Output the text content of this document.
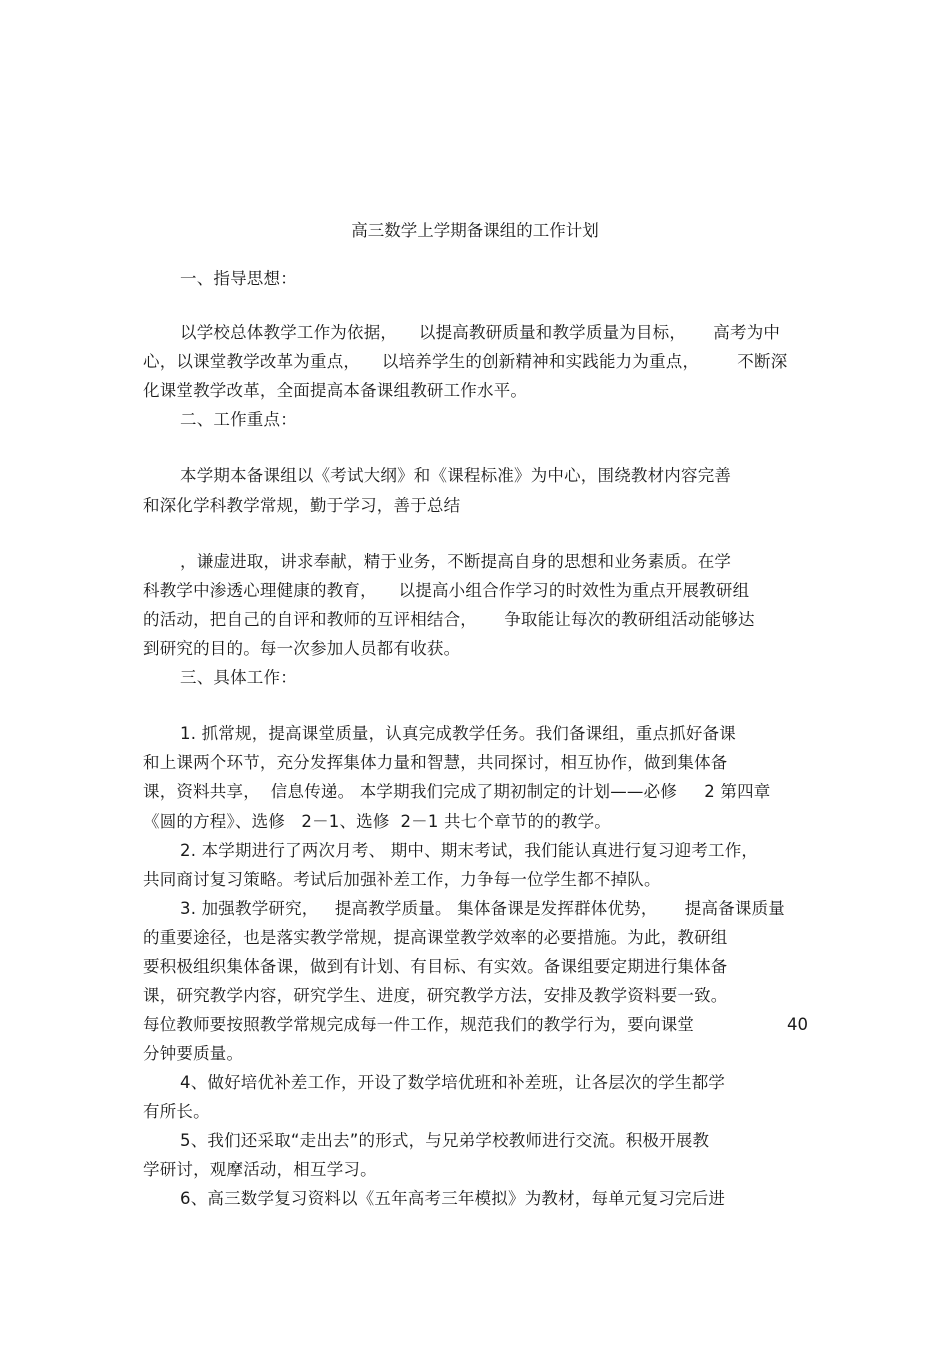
高三数学上学期备课组的工作计划
一、指导思想：
以学校总体教学工作为依据，    以提高教研质量和教学质量为目标，     高考为中
心，以课堂教学改革为重点，    以培养学生的创新精神和实践能力为重点，       不断深
化课堂教学改革，全面提高本备课组教研工作水平。
二、工作重点：
本学期本备课组以《考试大纲》和《课程标准》为中心，围绕教材内容完善
和深化学科教学常规，勤于学习，善于总结
，谦虚进取，讲求奉献，精于业务，不断提高自身的思想和业务素质。在学
科教学中渗透心理健康的教育，    以提高小组合作学习的时效性为重点开展教研组
的活动，把自己的自评和教师的互评相结合，     争取能让每次的教研组活动能够达
到研究的目的。每一次参加人员都有收获。
三、具体工作：
1. 抓常规，提高课堂质量，认真完成教学任务。我们备课组，重点抓好备课
和上课两个环节，充分发挥集体力量和智慧，共同探讨，相互协作，做到集体备
课，资料共享，  信息传递。 本学期我们完成了期初制定的计划——必修     2 第四章
《圆的方程》、选修   2－1、选修  2－1 共七个章节的的教学。
2. 本学期进行了两次月考、 期中、期末考试，我们能认真进行复习迎考工作，
共同商讨复习策略。考试后加强补差工作，力争每一位学生都不掉队。
3. 加强教学研究，   提高教学质量。 集体备课是发挥群体优势，     提高备课质量
的重要途径，也是落实教学常规，提高课堂教学效率的必要措施。为此，教研组
要积极组织集体备课，做到有计划、有目标、有实效。备课组要定期进行集体备
课，研究教学内容，研究学生、进度，研究教学方法，安排及教学资料要一致。
每位教师要按照教学常规完成每一件工作，规范我们的教学行为，要向课堂	40
分钟要质量。
4、做好培优补差工作，开设了数学培优班和补差班，让各层次的学生都学
有所长。
5、我们还采取“走出去”的形式，与兄弟学校教师进行交流。积极开展教
学研讨，观摩活动，相互学习。
6、高三数学复习资料以《五年高考三年模拟》为教材，每单元复习完后进
